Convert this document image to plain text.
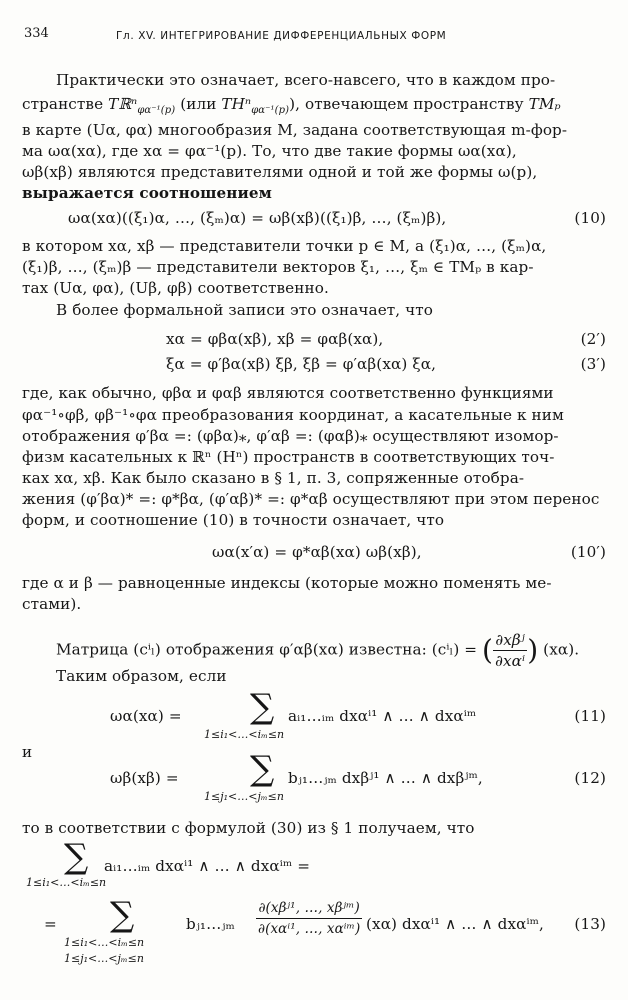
334	Гл. XV. ИНТЕГРИРОВАНИЕ ДИФФЕРЕНЦИАЛЬНЫХ ФОРМ
Практически это означает, всего-навсего, что в каждом про-
странстве Tℝⁿ$_{\varphi\alpha^{-1}(p)}$ (или THⁿ$_{\varphi\alpha^{-1}(p)}$), отвечающем пространству TMₚ
в карте (Uα, φα) многообразия M, задана соответствующая m-фор-
ма ωα(xα), где xα = φα⁻¹(p). То, что две такие формы ωα(xα),
ωβ(xβ) являются представителями одной и той же формы ω(p),
выражается соотношением
ωα(xα)((ξ₁)α, …, (ξₘ)α) = ωβ(xβ)((ξ₁)β, …, (ξₘ)β),	(10)
в котором xα, xβ — представители точки p ∈ M, а (ξ₁)α, …, (ξₘ)α,
(ξ₁)β, …, (ξₘ)β — представители векторов ξ₁, …, ξₘ ∈ TMₚ в кар-
тах (Uα, φα), (Uβ, φβ) соответственно.
В более формальной записи это означает, что
xα = φβα(xβ), xβ = φαβ(xα),	(2′)
ξα = φ′βα(xβ) ξβ, ξβ = φ′αβ(xα) ξα,	(3′)
где, как обычно, φβα и φαβ являются соответственно функциями
φα⁻¹∘φβ, φβ⁻¹∘φα преобразования координат, а касательные к ним
отображения φ′βα =: (φβα)⁎, φ′αβ =: (φαβ)⁎ осуществляют изомор-
физм касательных к ℝⁿ (Hⁿ) пространств в соответствующих точ-
ках xα, xβ. Как было сказано в § 1, п. 3, сопряженные отобра-
жения (φ′βα)* =: φ*βα, (φ′αβ)* =: φ*αβ осуществляют при этом перенос
форм, и соотношение (10) в точности означает, что
ωα(x′α) = φ*αβ(xα) ωβ(xβ),	(10′)
где α и β — равноценные индексы (которые можно поменять ме-
стами).
Матрица (cⁱₗ) отображения φ′αβ(xα) известна: (cⁱₗ) = ( $\frac{\text{∂xβʲ}}{\text{∂xαⁱ}}$ ) (xα).
Таким образом, если
ωα(xα) = ∑
1≤i₁<…<iₘ≤n
aᵢ₁…ᵢₘ dxαⁱ¹ ∧ … ∧ dxαⁱᵐ	(11)
и
ωβ(xβ) = ∑
1≤j₁<…<jₘ≤n
bⱼ₁…ⱼₘ dxβʲ¹ ∧ … ∧ dxβʲᵐ,	(12)
то в соответствии с формулой (30) из § 1 получаем, что
∑
1≤i₁<…<iₘ≤n
aᵢ₁…ᵢₘ dxαⁱ¹ ∧ … ∧ dxαⁱᵐ =
= ∑
1≤i₁<…<iₘ≤n
1≤j₁<…<jₘ≤n
bⱼ₁…ⱼₘ $\frac{\text{∂(xβʲ¹, …, xβʲᵐ)}}{\text{∂(xαⁱ¹, …, xαⁱᵐ)}} (x\alpha)$ dxαⁱ¹ ∧ … ∧ dxαⁱᵐ, (13)
